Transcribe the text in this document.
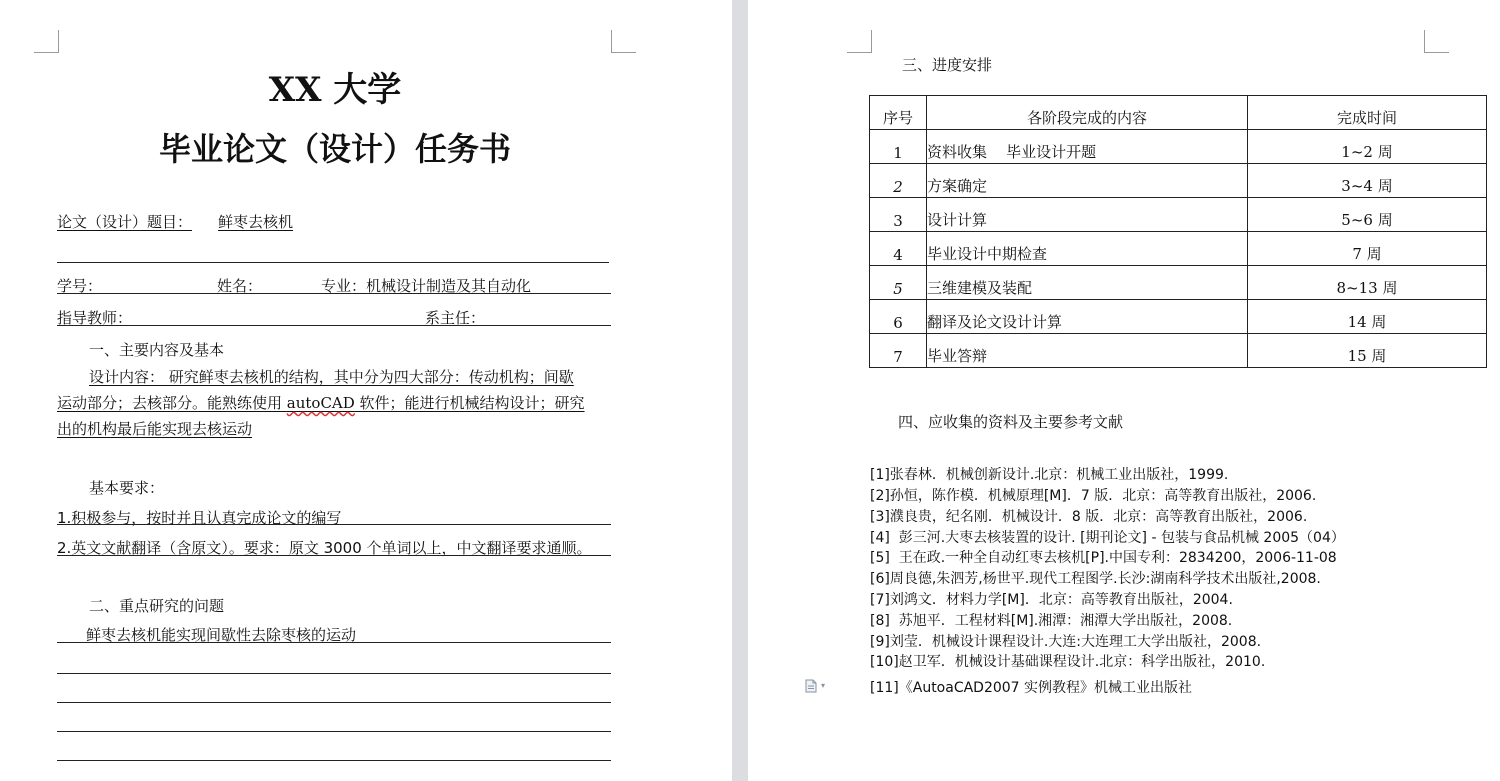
XX 大学
毕业论文（设计）任务书
论文（设计）题目： 鲜枣去核机
学号：	姓名：	专业：机械设计制造及其自动化
指导教师：	系主任：
一、主要内容及基本
设计内容： 研究鲜枣去核机的结构，其中分为四大部分：传动机构；间歇
运动部分；去核部分。能熟练使用 autoCAD 软件；能进行机械结构设计；研究
出的机构最后能实现去核运动
基本要求：
1.积极参与，按时并且认真完成论文的编写
2.英文文献翻译（含原文）。要求：原文 3000 个单词以上，中文翻译要求通顺。
二、重点研究的问题
鲜枣去核机能实现间歇性去除枣核的运动
三、进度安排
序号	各阶段完成的内容	完成时间

1	资料收集    毕业设计开题	1~2 周

2	方案确定	3~4 周

3	设计计算	5~6 周

4	毕业设计中期检查	7 周

5	三维建模及装配	8~13 周

6	翻译及论文设计计算	14 周

7	毕业答辩	15 周
四、应收集的资料及主要参考文献
[1]张春林．机械创新设计.北京：机械工业出版社，1999.
[2]孙恒，陈作模．机械原理[M]．7 版．北京：高等教育出版社，2006.
[3]濮良贵，纪名刚．机械设计．8 版．北京：高等教育出版社，2006.
[4]  彭三河.大枣去核装置的设计. [期刊论文] - 包装与食品机械 2005（04）
[5]  王在政.一种全自动红枣去核机[P].中国专利：2834200，2006-11-08
[6]周良德,朱泗芳,杨世平.现代工程图学.长沙:湖南科学技术出版社,2008.
[7]刘鸿文．材料力学[M]．北京：高等教育出版社，2004.
[8]  苏旭平．工程材料[M].湘潭：湘潭大学出版社，2008.
[9]刘莹．机械设计课程设计.大连:大连理工大学出版社，2008.
[10]赵卫军．机械设计基础课程设计.北京：科学出版社，2010.
[11]《AutoaCAD2007 实例教程》机械工业出版社
▾
